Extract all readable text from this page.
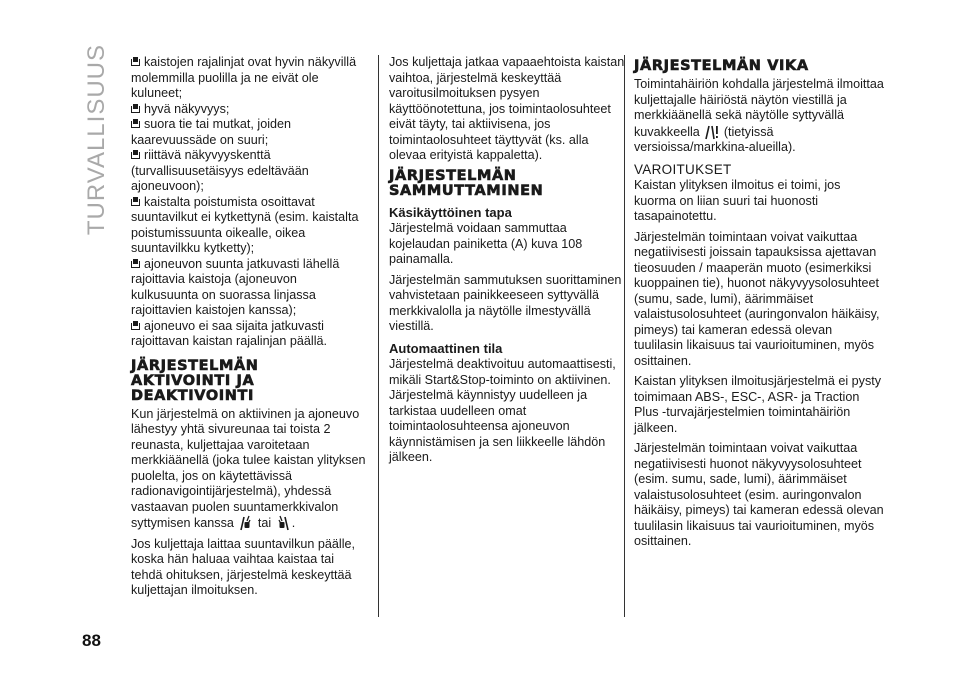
TURVALLISUUS
88
kaistojen rajalinjat ovat hyvin näkyvillä molemmilla puolilla ja ne eivät ole kuluneet;
hyvä näkyvyys;
suora tie tai mutkat, joiden kaarevuussäde on suuri;
riittävä näkyvyyskenttä (turvallisuusetäisyys edeltävään ajoneuvoon);
kaistalta poistumista osoittavat suuntavilkut ei kytkettynä (esim. kaistalta poistumissuunta oikealle, oikea suuntavilkku kytketty);
ajoneuvon suunta jatkuvasti lähellä rajoittavia kaistoja (ajoneuvon kulkusuunta on suorassa linjassa rajoittavien kaistojen kanssa);
ajoneuvo ei saa sijaita jatkuvasti rajoittavan kaistan rajalinjan päällä.
JÄRJESTELMÄN
AKTIVOINTI JA
DEAKTIVOINTI

Kun järjestelmä on aktiivinen ja ajoneuvo lähestyy yhtä sivureunaa tai toista 2 reunasta, kuljettajaa varoitetaan merkkiäänellä (joka tulee kaistan ylityksen puolelta, jos on käytettävissä radionavigointijärjestelmä), yhdessä vastaavan puolen suuntamerkkivalon syttymisen kanssa tai .

Jos kuljettaja laittaa suuntavilkun päälle, koska hän haluaa vaihtaa kaistaa tai tehdä ohituksen, järjestelmä keskeyttää kuljettajan ilmoituksen.

Jos kuljettaja jatkaa vapaaehtoista kaistan vaihtoa, järjestelmä keskeyttää varoitusilmoituksen pysyen käyttöönotettuna, jos toimintaolosuhteet eivät täyty, tai aktiivisena, jos toimintaolosuhteet täyttyvät (ks. alla olevaa erityistä kappaletta).

JÄRJESTELMÄN
SAMMUTTAMINEN
Käsikäyttöinen tapa

Järjestelmä voidaan sammuttaa kojelaudan painiketta (A) kuva 108 painamalla.

Järjestelmän sammutuksen suorittaminen vahvistetaan painikkeeseen syttyvällä merkkivalolla ja näytölle ilmestyvällä viestillä.

Automaattinen tila

Järjestelmä deaktivoituu automaattisesti, mikäli Start&Stop-toiminto on aktiivinen. Järjestelmä käynnistyy uudelleen ja tarkistaa uudelleen omat toimintaolosuhteensa ajoneuvon käynnistämisen ja sen liikkeelle lähdön jälkeen.

JÄRJESTELMÄN VIKA

Toimintahäiriön kohdalla järjestelmä ilmoittaa kuljettajalle häiriöstä näytön viestillä ja merkkiäänellä sekä näytölle syttyvällä kuvakkeella (tietyissä versioissa/markkina-alueilla).

VAROITUKSET

Kaistan ylityksen ilmoitus ei toimi, jos kuorma on liian suuri tai huonosti tasapainotettu.

Järjestelmän toimintaan voivat vaikuttaa negatiivisesti joissain tapauksissa ajettavan tieosuuden / maaperän muoto (esimerkiksi kuoppainen tie), huonot näkyvyysolosuhteet (sumu, sade, lumi), äärimmäiset valaistusolosuhteet (auringonvalon häikäisy, pimeys) tai kameran edessä olevan tuulilasin likaisuus tai vaurioituminen, myös osittainen.

Kaistan ylityksen ilmoitusjärjestelmä ei pysty toimimaan ABS-, ESC-, ASR- ja Traction Plus -turvajärjestelmien toimintahäiriön jälkeen.

Järjestelmän toimintaan voivat vaikuttaa negatiivisesti huonot näkyvyysolosuhteet (esim. sumu, sade, lumi), äärimmäiset valaistusolosuhteet (esim. auringonvalon häikäisy, pimeys) tai kameran edessä olevan tuulilasin likaisuus tai vaurioituminen, myös osittainen.
